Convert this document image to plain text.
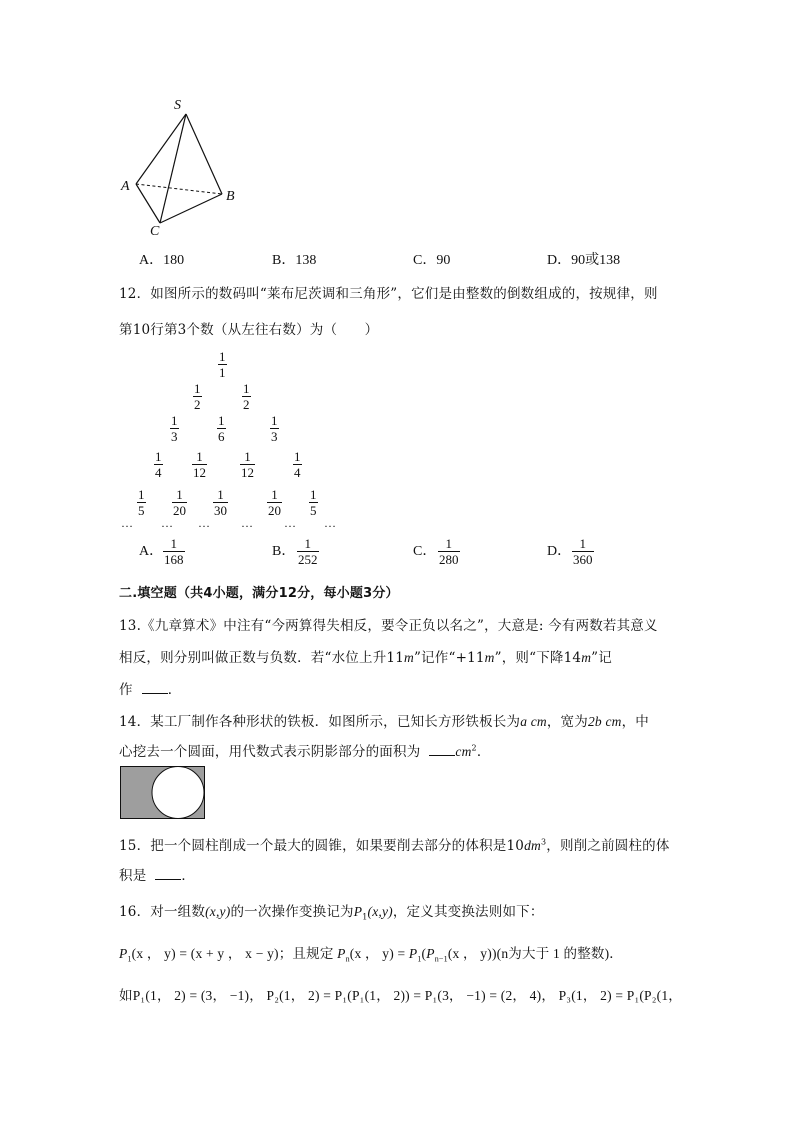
S
A
B
C
A．180	B．138	C．90	D．90或138
12．如图所示的数码叫“莱布尼茨调和三角形”，它们是由整数的倒数组成的，按规律，则
第10行第3个数（从左往右数）为（　　）
$\frac{1}{1}$
$\frac{1}{2}$	$\frac{1}{2}$
$\frac{1}{3}$	$\frac{1}{6}$	$\frac{1}{3}$
$\frac{1}{4} \frac{1}{12}$	$\frac{1}{12}$	$\frac{1}{4}$
$\frac{1}{5} \frac{1}{20} \frac{1}{30}$	$\frac{1}{20} \frac{1}{5}$
… … …	…	… …
A． $\frac{1}{168}$	B． $\frac{1}{252}$	C． $\frac{1}{280}$	D． $\frac{1}{360}$
二.填空题（共4小题，满分12分，每小题3分）
13.《九章算术》中注有“今两算得失相反，要令正负以名之”，大意是: 今有两数若其意义
相反，则分别叫做正数与负数．若“水位上升11m”记作“+11m”，则“下降14m”记
作	．
14．某工厂制作各种形状的铁板．如图所示，已知长方形铁板长为a cm，宽为2b cm，中
心挖去一个圆面，用代数式表示阴影部分的面积为	$cm^2$．
15．把一个圆柱削成一个最大的圆锥，如果要削去部分的体积是$10dm^3$，则削之前圆柱的体
积是	．
16．对一组数(x,y)的一次操作变换记为$P_1(x,y)$，定义其变换法则如下：
$P_1(x$ ， y) = (x + y ， x − y)；且规定 $P_n(x$ ， $y) = P_1(P_{n-1}(x$ ， y))(n为大于 1 的整数)．
如P₁(1， 2) = (3， −1)， P₂(1， 2) = P₁(P₁(1， 2)) = P₁(3， −1) = (2， 4)， P₃(1， 2) = P₁(P₂(1，
